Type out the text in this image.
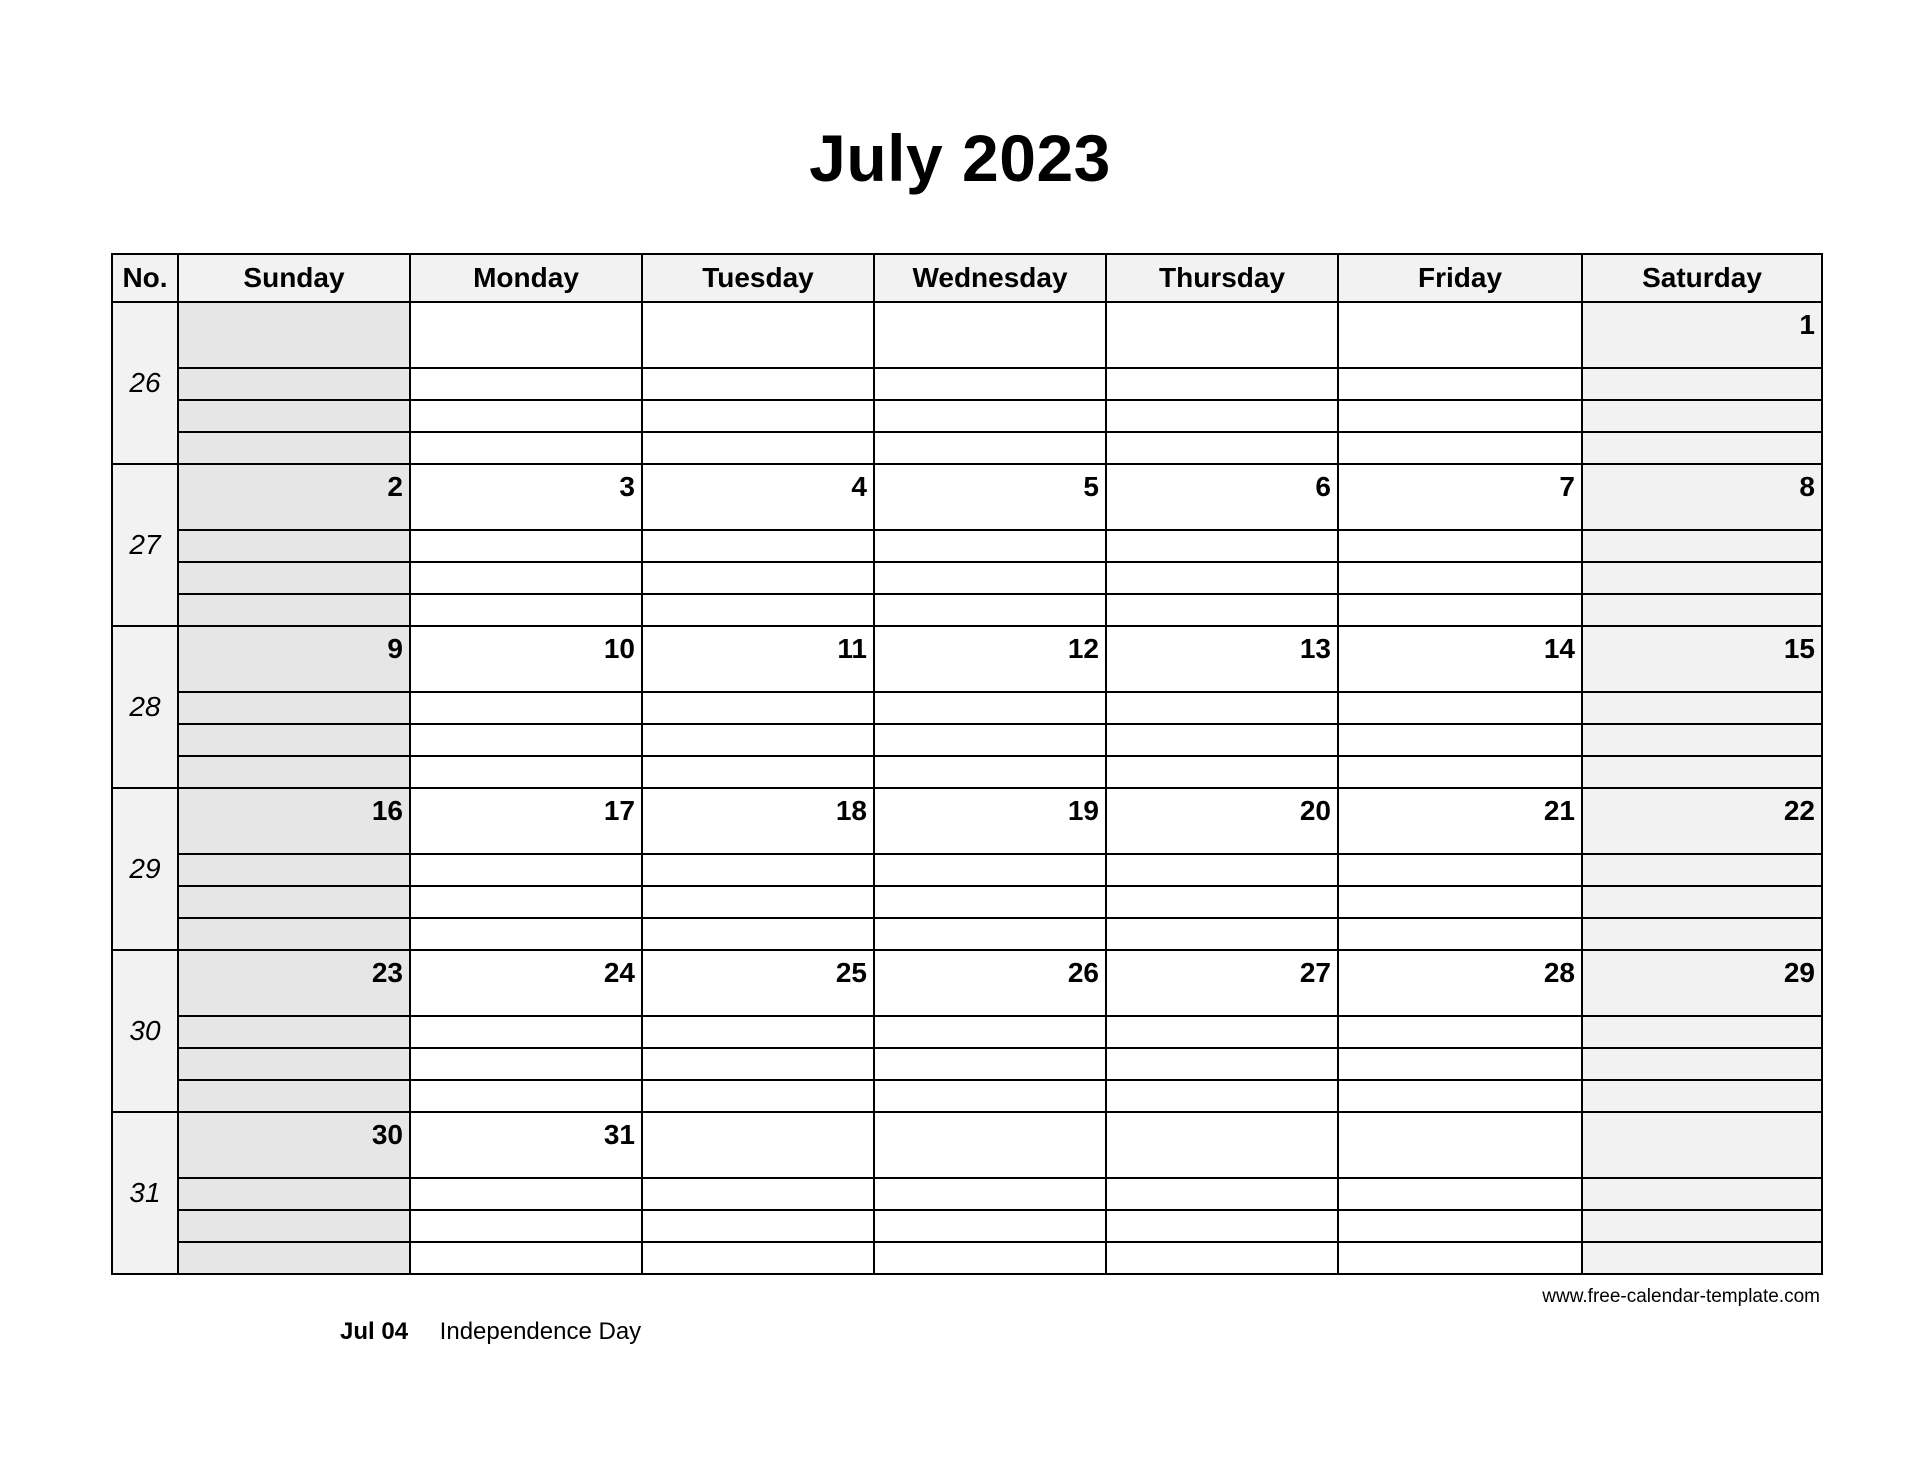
July 2023
No.	Sunday	Monday	Tuesday	Wednesday	Thursday	Friday	Saturday
26							1

27	2	3	4	5	6	7	8

28	9	10	11	12	13	14	15

29	16	17	18	19	20	21	22

30	23	24	25	26	27	28	29

31	30	31					

www.free-calendar-template.com
Jul 04 Independence Day
